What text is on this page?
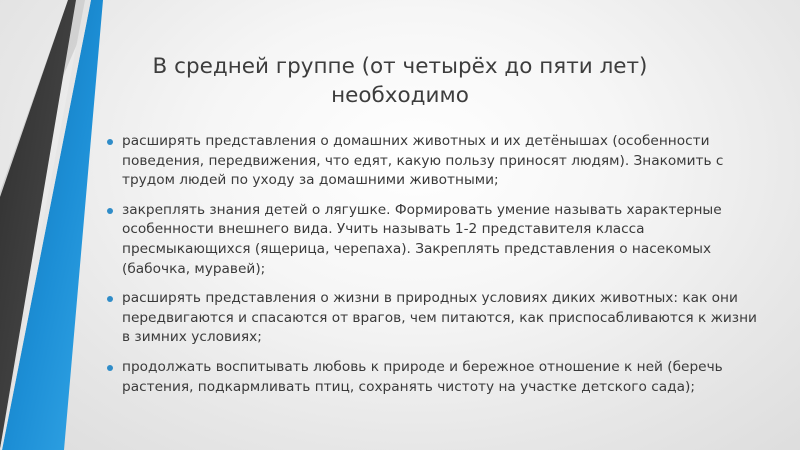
В средней группе (от четырёх до пяти лет) необходимо
расширять представления о домашних животных и их детёнышах (особенности поведения, передвижения, что едят, какую пользу приносят людям). Знакомить с трудом людей по уходу за домашними животными;
закреплять знания детей о лягушке. Формировать умение называть характерные особенности внешнего вида. Учить называть 1-2 представителя класса пресмыкающихся (ящерица, черепаха). Закреплять представления о насекомых (бабочка, муравей);
расширять представления о жизни в природных условиях диких животных: как они передвигаются и спасаются от врагов, чем питаются, как приспосабливаются к жизни в зимних условиях;
продолжать воспитывать любовь к природе и бережное отношение к ней (беречь растения, подкармливать птиц, сохранять чистоту на участке детского сада);
